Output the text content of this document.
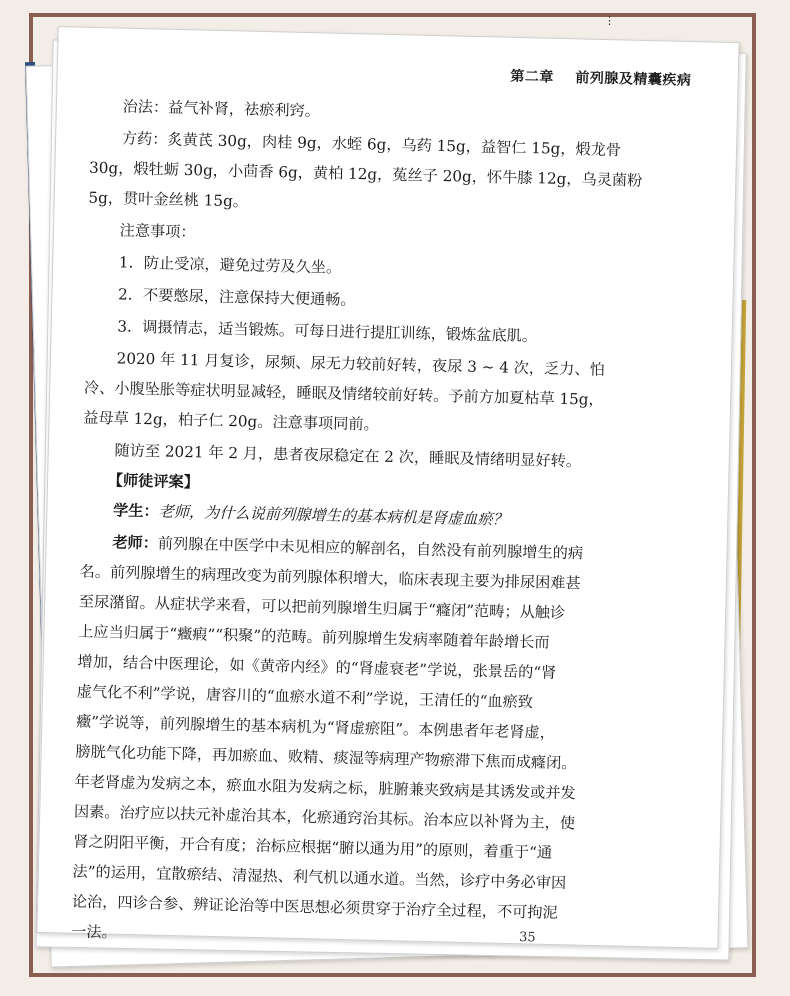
⋮
第二章 前列腺及精囊疾病
治法：益气补肾，祛瘀利窍。
方药：炙黄芪 30g，肉桂 9g，水蛭 6g，乌药 15g，益智仁 15g，煅龙骨
30g，煅牡蛎 30g，小茴香 6g，黄柏 12g，菟丝子 20g，怀牛膝 12g，乌灵菌粉
5g，贯叶金丝桃 15g。
注意事项：
1．防止受凉，避免过劳及久坐。
2．不要憋尿，注意保持大便通畅。
3．调摄情志，适当锻炼。可每日进行提肛训练，锻炼盆底肌。
2020 年 11 月复诊，尿频、尿无力较前好转，夜尿 3 ~ 4 次，乏力、怕
冷、小腹坠胀等症状明显减轻，睡眠及情绪较前好转。予前方加夏枯草 15g，
益母草 12g，柏子仁 20g。注意事项同前。
随访至 2021 年 2 月，患者夜尿稳定在 2 次，睡眠及情绪明显好转。
【师徒评案】
学生：老师，为什么说前列腺增生的基本病机是肾虚血瘀？
老师：前列腺在中医学中未见相应的解剖名，自然没有前列腺增生的病
名。前列腺增生的病理改变为前列腺体积增大，临床表现主要为排尿困难甚
至尿潴留。从症状学来看，可以把前列腺增生归属于“癃闭”范畴；从触诊
上应当归属于“癥瘕”“积聚”的范畴。前列腺增生发病率随着年龄增长而
增加，结合中医理论，如《黄帝内经》的“肾虚衰老”学说，张景岳的“肾
虚气化不利”学说，唐容川的“血瘀水道不利”学说，王清任的“血瘀致
癥”学说等，前列腺增生的基本病机为“肾虚瘀阻”。本例患者年老肾虚，
膀胱气化功能下降，再加瘀血、败精、痰湿等病理产物瘀滞下焦而成癃闭。
年老肾虚为发病之本，瘀血水阻为发病之标，脏腑兼夹致病是其诱发或并发
因素。治疗应以扶元补虚治其本，化瘀通窍治其标。治本应以补肾为主，使
肾之阴阳平衡，开合有度；治标应根据“腑以通为用”的原则，着重于“通
法”的运用，宜散瘀结、清湿热、利气机以通水道。当然，诊疗中务必审因
论治，四诊合参、辨证论治等中医思想必须贯穿于治疗全过程，不可拘泥
一法。	35
